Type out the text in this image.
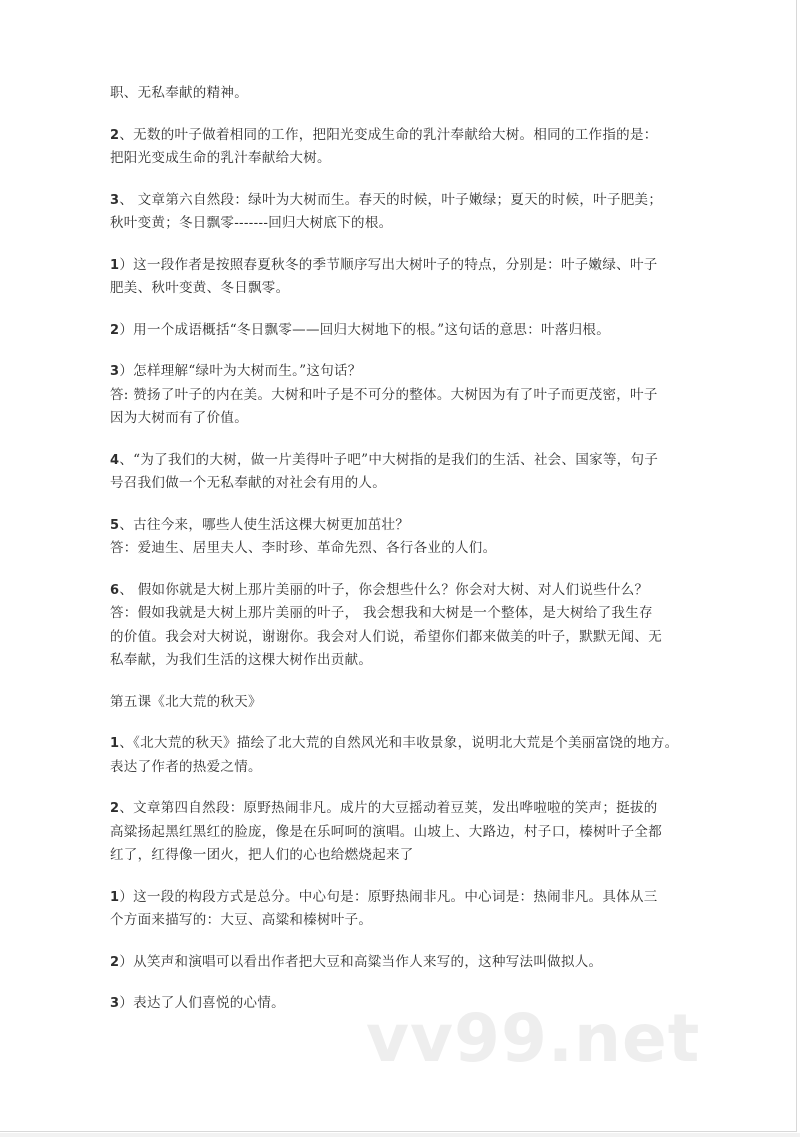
职、无私奉献的精神。

2、无数的叶子做着相同的工作，把阳光变成生命的乳汁奉献给大树。相同的工作指的是：
把阳光变成生命的乳汁奉献给大树。

3、 文章第六自然段：绿叶为大树而生。春天的时候，叶子嫩绿；夏天的时候，叶子肥美；
秋叶变黄；冬日飘零-------回归大树底下的根。

1）这一段作者是按照春夏秋冬的季节顺序写出大树叶子的特点，分别是：叶子嫩绿、叶子
肥美、秋叶变黄、冬日飘零。

2）用一个成语概括“冬日飘零——回归大树地下的根。”这句话的意思：叶落归根。

3）怎样理解“绿叶为大树而生。”这句话？
答: 赞扬了叶子的内在美。大树和叶子是不可分的整体。大树因为有了叶子而更茂密，叶子
因为大树而有了价值。

4、“为了我们的大树，做一片美得叶子吧”中大树指的是我们的生活、社会、国家等，句子
号召我们做一个无私奉献的对社会有用的人。

5、古往今来，哪些人使生活这棵大树更加茁壮？
答：爱迪生、居里夫人、李时珍、革命先烈、各行各业的人们。

6、 假如你就是大树上那片美丽的叶子，你会想些什么？你会对大树、对人们说些什么？
答：假如我就是大树上那片美丽的叶子， 我会想我和大树是一个整体，是大树给了我生存
的价值。我会对大树说，谢谢你。我会对人们说，希望你们都来做美的叶子，默默无闻、无
私奉献，为我们生活的这棵大树作出贡献。

第五课《北大荒的秋天》

1、《北大荒的秋天》描绘了北大荒的自然风光和丰收景象，说明北大荒是个美丽富饶的地方。
表达了作者的热爱之情。

2、文章第四自然段：原野热闹非凡。成片的大豆摇动着豆荚，发出哗啦啦的笑声；挺拔的
高粱扬起黑红黑红的脸庞，像是在乐呵呵的演唱。山坡上、大路边，村子口，榛树叶子全都
红了，红得像一团火，把人们的心也给燃烧起来了

1）这一段的构段方式是总分。中心句是：原野热闹非凡。中心词是：热闹非凡。具体从三
个方面来描写的：大豆、高粱和榛树叶子。

2）从笑声和演唱可以看出作者把大豆和高粱当作人来写的，这种写法叫做拟人。

3）表达了人们喜悦的心情。	vv99.net
